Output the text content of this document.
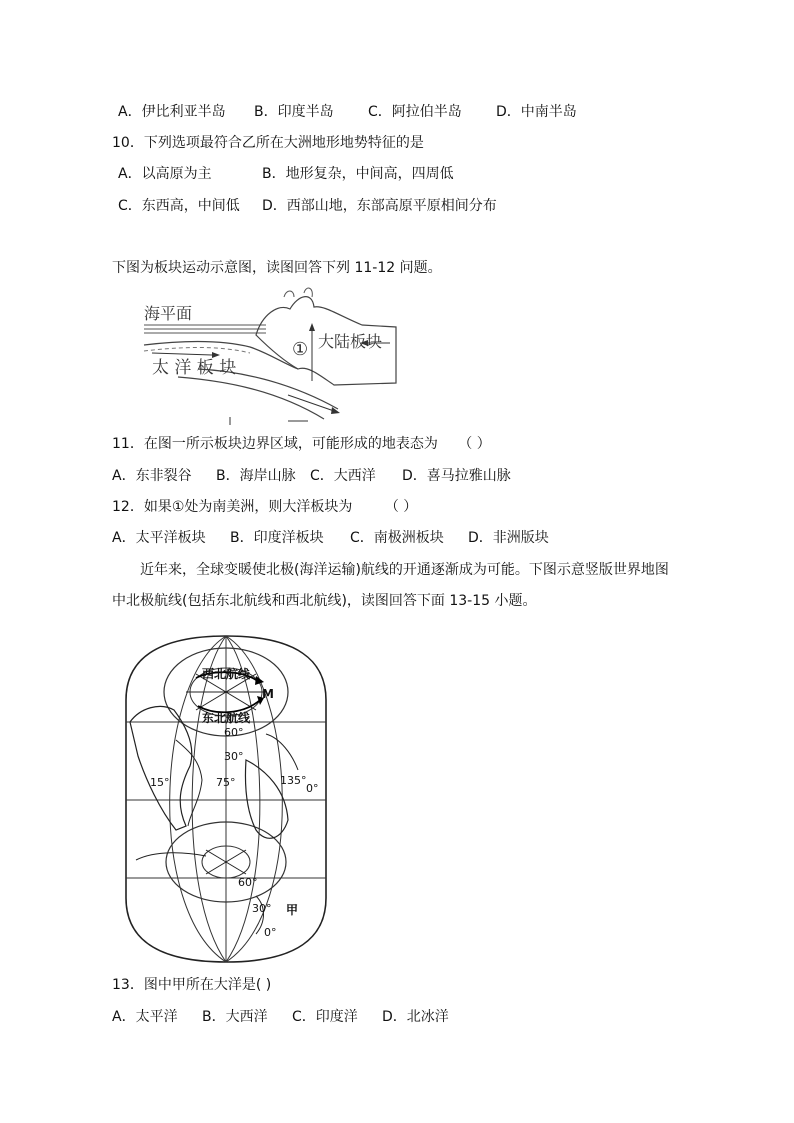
A．伊比利亚半岛 B．印度半岛 C．阿拉伯半岛 D．中南半岛
10．下列选项最符合乙所在大洲地形地势特征的是
A．以高原为主	B．地形复杂，中间高，四周低
C．东西高，中间低 D．西部山地，东部高原平原相间分布
下图为板块运动示意图，读图回答下列 11-12 问题。
海平面
① 大陆板块
太 洋 板 块
11．在图一所示板块边界区域，可能形成的地表态为 （ ）
A．东非裂谷 B．海岸山脉 C．大西洋 D．喜马拉雅山脉
12．如果①处为南美洲，则大洋板块为 （ ）
A．太平洋板块 B．印度洋板块 C．南极洲板块 D．非洲版块
近年来，全球变暖使北极(海洋运输)航线的开通逐渐成为可能。下图示意竖版世界地图
中北极航线(包括东北航线和西北航线)，读图回答下面 13-15 小题。
西北航线
M
东北航线
60°
30°
15°	75°	135°
0°
60°
30°
0°
甲
13．图中甲所在大洋是( )
A．太平洋 B．大西洋 C．印度洋 D．北冰洋
